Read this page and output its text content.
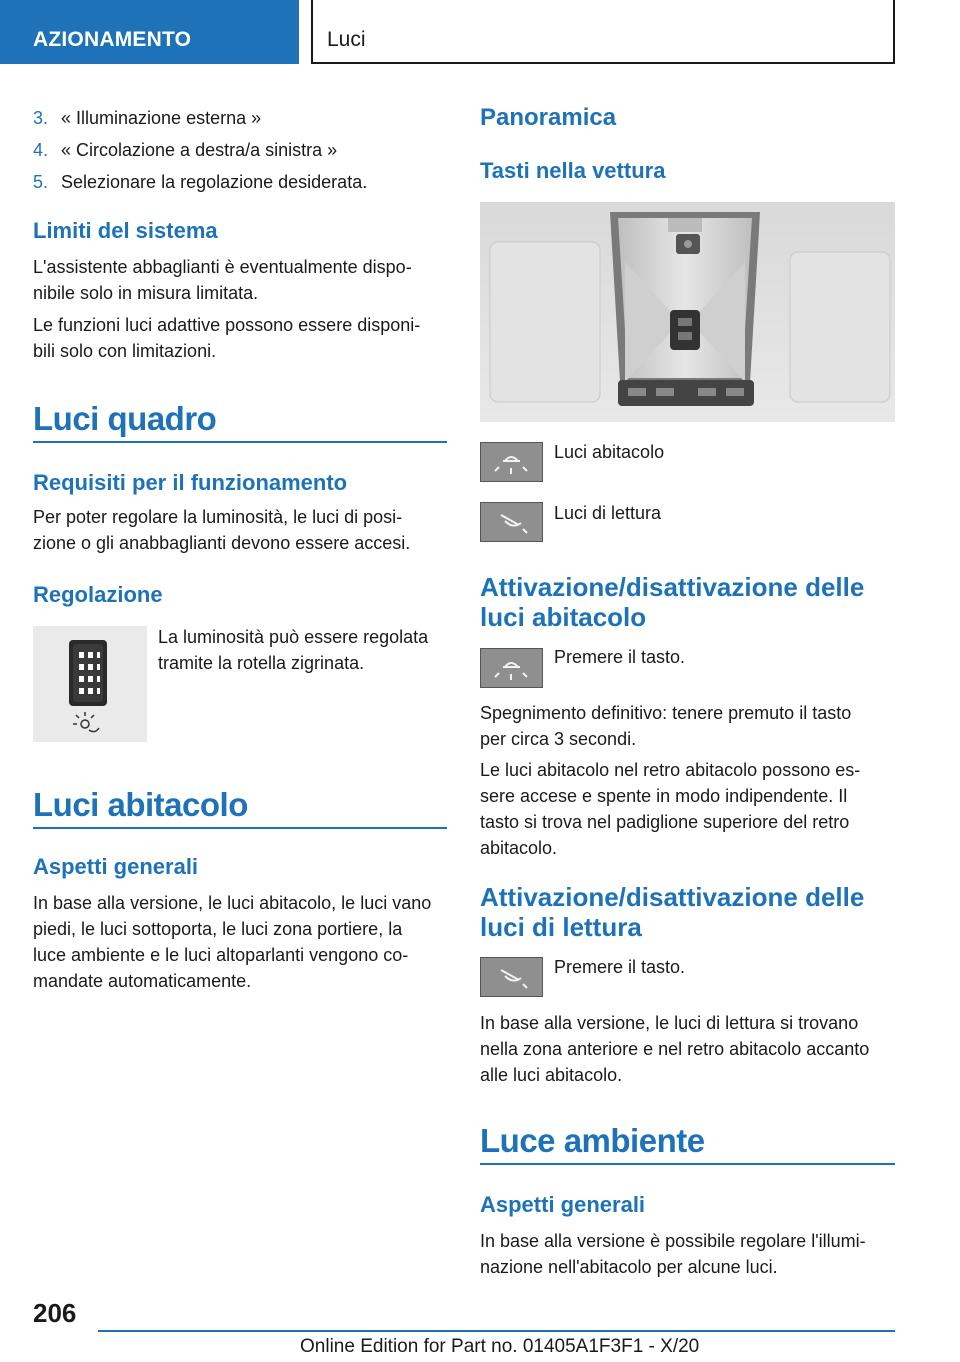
AZIONAMENTO	Luci
3. « Illuminazione esterna »
4. « Circolazione a destra/a sinistra »
5. Selezionare la regolazione desiderata.
Limiti del sistema
L'assistente abbaglianti è eventualmente dispo-
nibile solo in misura limitata.
Le funzioni luci adattive possono essere disponi-
bili solo con limitazioni.
Luci quadro
Requisiti per il funzionamento
Per poter regolare la luminosità, le luci di posi-
zione o gli anabbaglianti devono essere accesi.
Regolazione
La luminosità può essere regolata
tramite la rotella zigrinata.
Luci abitacolo
Aspetti generali
In base alla versione, le luci abitacolo, le luci vano
piedi, le luci sottoporta, le luci zona portiere, la
luce ambiente e le luci altoparlanti vengono co-
mandate automaticamente.
Panoramica
Tasti nella vettura
Luci abitacolo
Luci di lettura
Attivazione/disattivazione delle
luci abitacolo
Premere il tasto.
Spegnimento definitivo: tenere premuto il tasto
per circa 3 secondi.
Le luci abitacolo nel retro abitacolo possono es-
sere accese e spente in modo indipendente. Il
tasto si trova nel padiglione superiore del retro
abitacolo.
Attivazione/disattivazione delle
luci di lettura
Premere il tasto.
In base alla versione, le luci di lettura si trovano
nella zona anteriore e nel retro abitacolo accanto
alle luci abitacolo.
Luce ambiente
Aspetti generali
In base alla versione è possibile regolare l'illumi-
nazione nell'abitacolo per alcune luci.
206
Online Edition for Part no. 01405A1F3F1 - X/20
